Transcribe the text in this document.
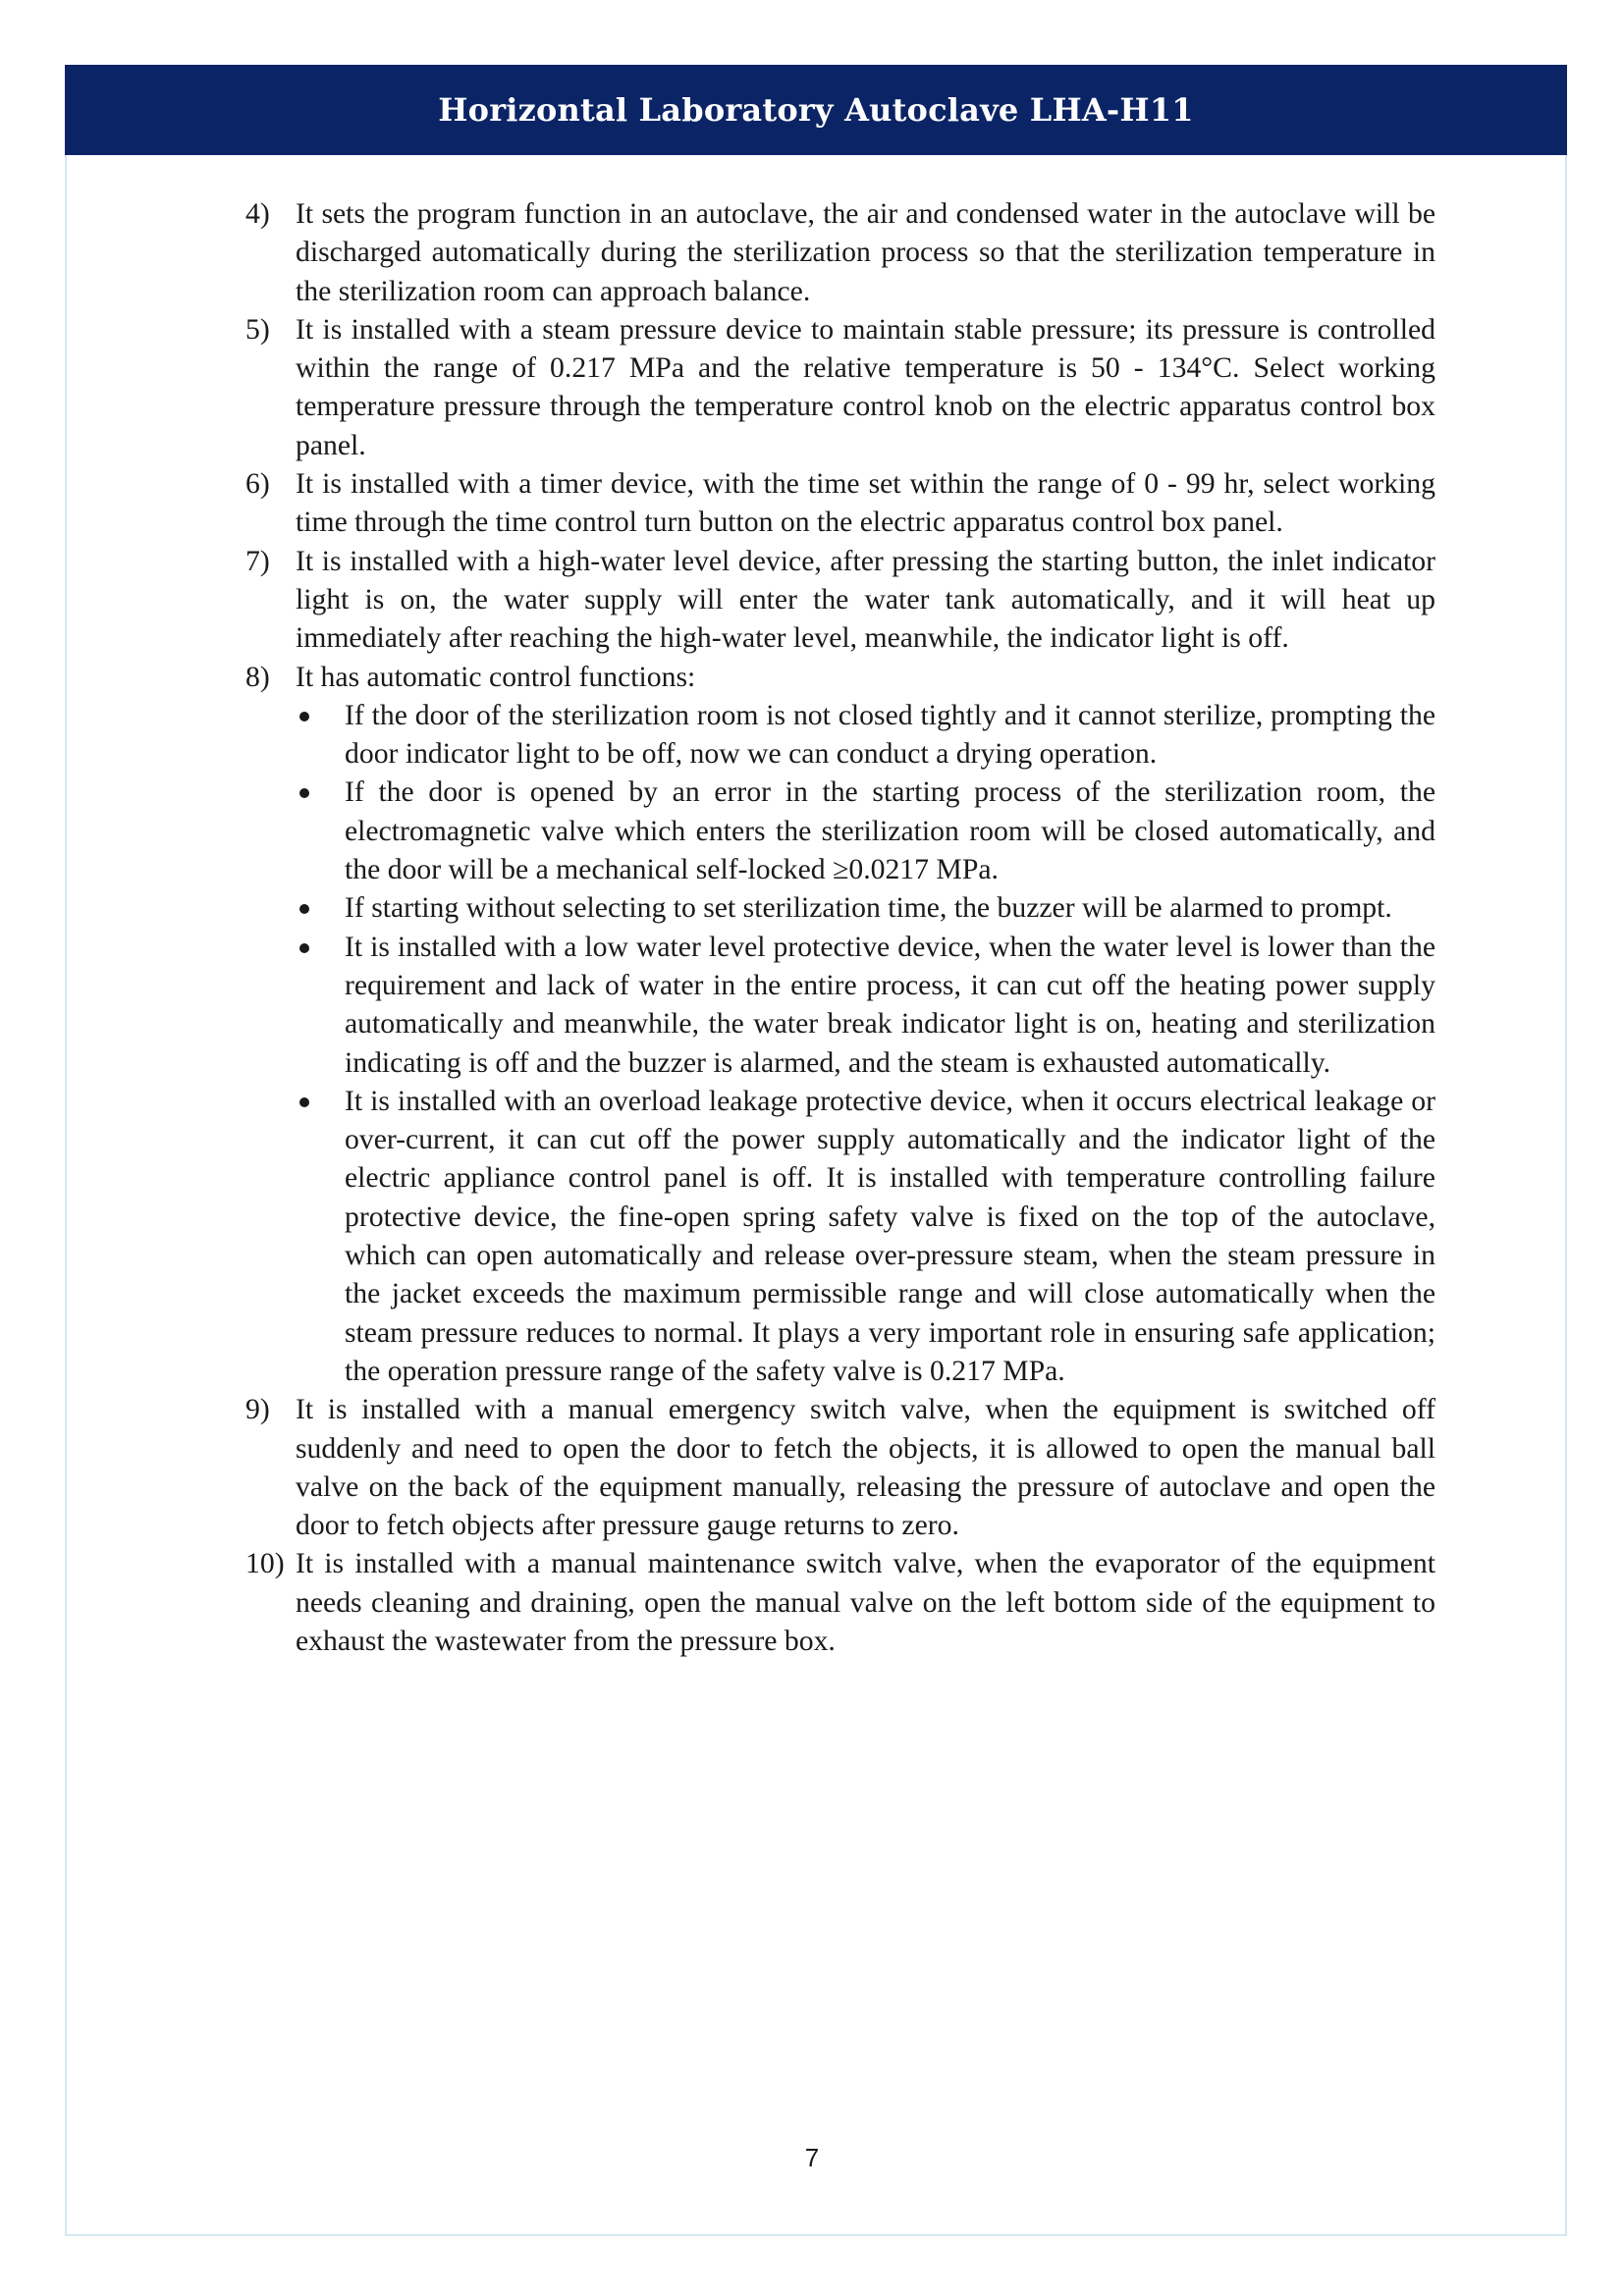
Horizontal Laboratory Autoclave LHA-H11
4) It sets the program function in an autoclave, the air and condensed water in the autoclave will be discharged automatically during the sterilization process so that the sterilization temperature in the sterilization room can approach balance.
5) It is installed with a steam pressure device to maintain stable pressure; its pressure is controlled within the range of 0.217 MPa and the relative temperature is 50 - 134°C. Select working temperature pressure through the temperature control knob on the electric apparatus control box panel.
6) It is installed with a timer device, with the time set within the range of 0 - 99 hr, select working time through the time control turn button on the electric apparatus control box panel.
7) It is installed with a high-water level device, after pressing the starting button, the inlet indicator light is on, the water supply will enter the water tank automatically, and it will heat up immediately after reaching the high-water level, meanwhile, the indicator light is off.
8) It has automatic control functions:
If the door of the sterilization room is not closed tightly and it cannot sterilize, prompting the door indicator light to be off, now we can conduct a drying operation.
If the door is opened by an error in the starting process of the sterilization room, the electromagnetic valve which enters the sterilization room will be closed automatically, and the door will be a mechanical self-locked ≥0.0217 MPa.
If starting without selecting to set sterilization time, the buzzer will be alarmed to prompt.
It is installed with a low water level protective device, when the water level is lower than the requirement and lack of water in the entire process, it can cut off the heating power supply automatically and meanwhile, the water break indicator light is on, heating and sterilization indicating is off and the buzzer is alarmed, and the steam is exhausted automatically.
It is installed with an overload leakage protective device, when it occurs electrical leakage or over-current, it can cut off the power supply automatically and the indicator light of the electric appliance control panel is off. It is installed with temperature controlling failure protective device, the fine-open spring safety valve is fixed on the top of the autoclave, which can open automatically and release over-pressure steam, when the steam pressure in the jacket exceeds the maximum permissible range and will close automatically when the steam pressure reduces to normal. It plays a very important role in ensuring safe application; the operation pressure range of the safety valve is 0.217 MPa.
9) It is installed with a manual emergency switch valve, when the equipment is switched off suddenly and need to open the door to fetch the objects, it is allowed to open the manual ball valve on the back of the equipment manually, releasing the pressure of autoclave and open the door to fetch objects after pressure gauge returns to zero.
10) It is installed with a manual maintenance switch valve, when the evaporator of the equipment needs cleaning and draining, open the manual valve on the left bottom side of the equipment to exhaust the wastewater from the pressure box.
7
